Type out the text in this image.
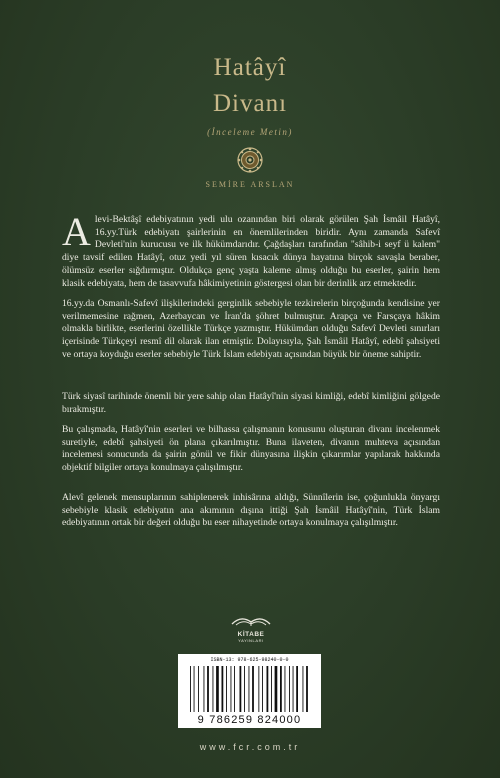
Hatâyî
Divanı
(İnceleme Metin)
SEMİRE ARSLAN
A levi-Bektâşî edebiyatının yedi ulu ozanından biri olarak görülen Şah İsmâil Hatâyî, 16.yy.Türk edebiyatı şairlerinin en önemlilerinden biridir. Aynı zamanda Safevî Devleti'nin kurucusu ve ilk hükümdarıdır. Çağdaşları tarafından "sâhib-i seyf ü kalem" diye tavsif edilen Hatâyî, otuz yedi yıl süren kısacık dünya hayatına birçok savaşla beraber, ölümsüz eserler sığdırmıştır. Oldukça genç yaşta kaleme almış olduğu bu eserler, şairin hem klasik edebiyata, hem de tasavvufa hâkimiyetinin göstergesi olan bir derinlik arz etmektedir.
16.yy.da Osmanlı-Safevî ilişkilerindeki gerginlik sebebiyle tezkirelerin birçoğunda kendisine yer verilmemesine rağmen, Azerbaycan ve İran'da şöhret bulmuştur. Arapça ve Farsçaya hâkim olmakla birlikte, eserlerini özellikle Türkçe yazmıştır. Hükümdarı olduğu Safevî Devleti sınırları içerisinde Türkçeyi resmî dil olarak ilan etmiştir. Dolayısıyla, Şah İsmâil Hatâyî, edebî şahsiyeti ve ortaya koyduğu eserler sebebiyle Türk İslam edebiyatı açısından büyük bir öneme sahiptir.
Türk siyasî tarihinde önemli bir yere sahip olan Hatâyî'nin siyasi kimliği, edebî kimliğini gölgede bırakmıştır.
Bu çalışmada, Hatâyî'nin eserleri ve bilhassa çalışmanın konusunu oluşturan divanı incelenmek suretiyle, edebî şahsiyeti ön plana çıkarılmıştır. Buna ilaveten, divanın muhteva açısından incelemesi sonucunda da şairin gönül ve fikir dünyasına ilişkin çıkarımlar yapılarak hakkında objektif bilgiler ortaya konulmaya çalışılmıştır.
Alevî gelenek mensuplarının sahiplenerek inhisârına aldığı, Sünnîlerin ise, çoğunlukla önyargı sebebiyle klasik edebiyatın ana akımının dışına ittiği Şah İsmâil Hatâyî'nin, Türk İslam edebiyatının ortak bir değeri olduğu bu eser nihayetinde ortaya konulmaya çalışılmıştır.
KİTABE
YAYINLARI
ISBN-13: 978-625-98240-0-0
9 786259 824000
www.fcr.com.tr
